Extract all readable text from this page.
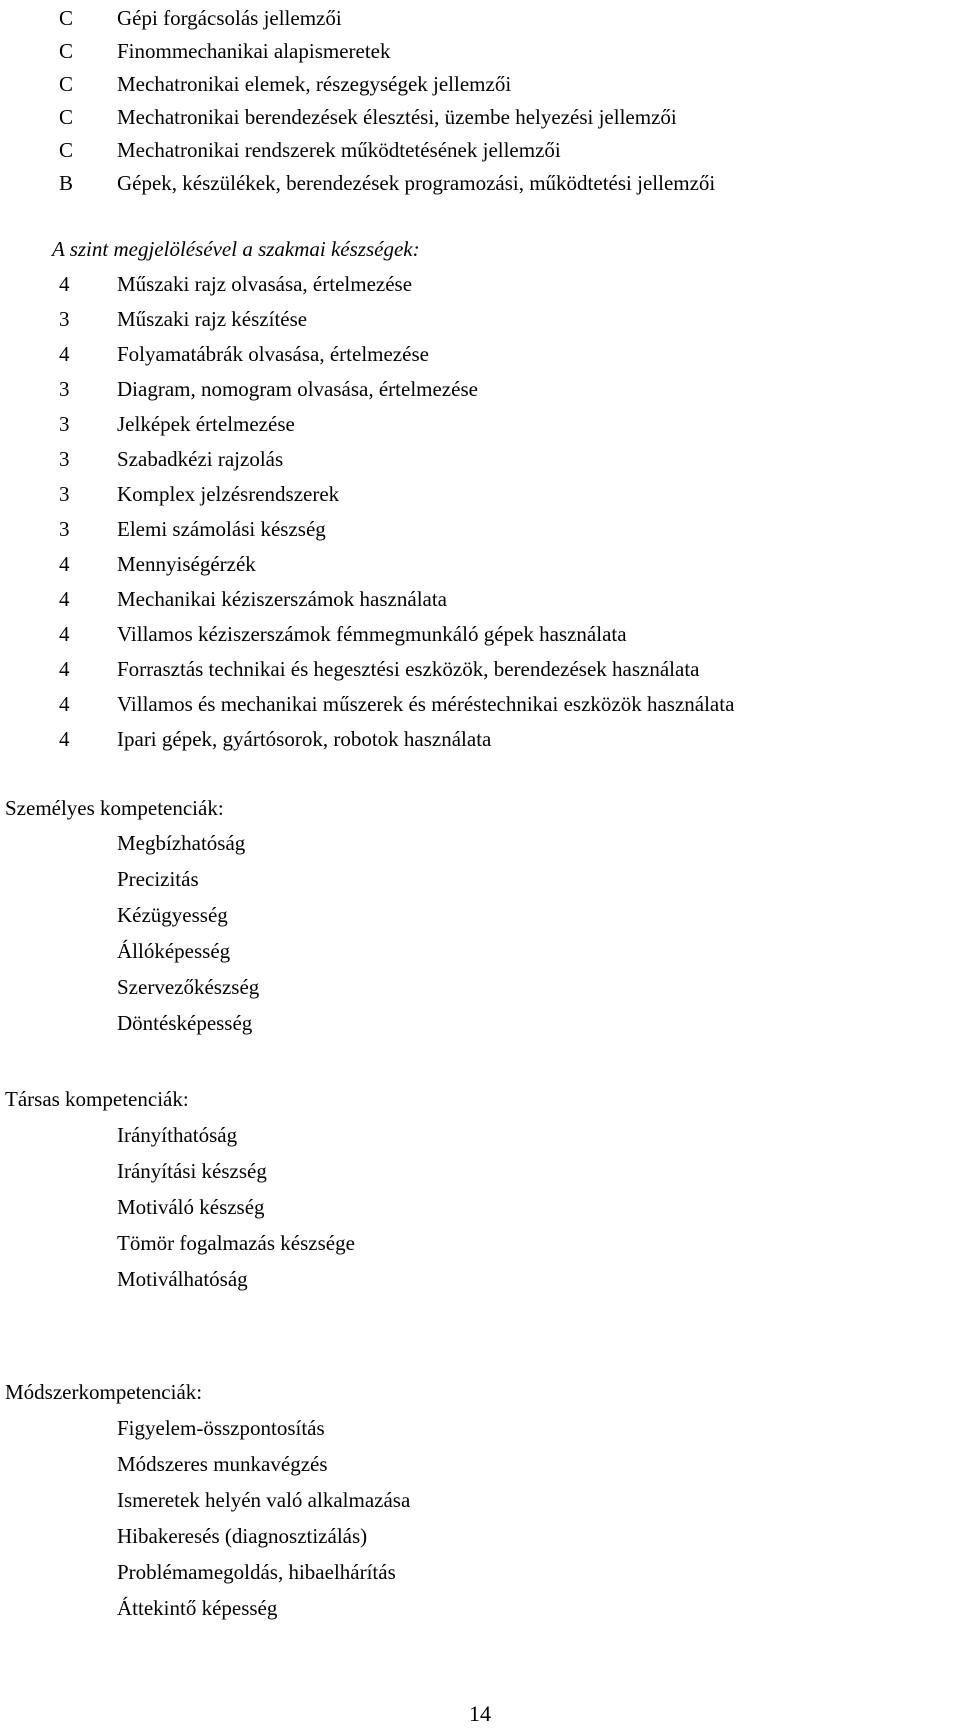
C	Gépi forgácsolás jellemzői
C	Finommechanikai alapismeretek
C	Mechatronikai elemek, részegységek jellemzői
C	Mechatronikai berendezések élesztési, üzembe helyezési jellemzői
C	Mechatronikai rendszerek működtetésének jellemzői
B	Gépek, készülékek, berendezések programozási, működtetési jellemzői
A szint megjelölésével a szakmai készségek:
4	Műszaki rajz olvasása, értelmezése
3	Műszaki rajz készítése
4	Folyamatábrák olvasása, értelmezése
3	Diagram, nomogram olvasása, értelmezése
3	Jelképek értelmezése
3	Szabadkézi rajzolás
3	Komplex jelzésrendszerek
3	Elemi számolási készség
4	Mennyiségérzék
4	Mechanikai kéziszerszámok használata
4	Villamos kéziszerszámok fémmegmunkáló gépek használata
4	Forrasztás technikai és hegesztési eszközök, berendezések használata
4	Villamos és mechanikai műszerek és méréstechnikai eszközök használata
4	Ipari gépek, gyártósorok, robotok használata
Személyes kompetenciák:
Megbízhatóság
Precizitás
Kézügyesség
Állóképesség
Szervezőkészség
Döntésképesség
Társas kompetenciák:
Irányíthatóság
Irányítási készség
Motiváló készség
Tömör fogalmazás készsége
Motiválhatóság
Módszerkompetenciák:
Figyelem-összpontosítás
Módszeres munkavégzés
Ismeretek helyén való alkalmazása
Hibakeresés (diagnosztizálás)
Problémamegoldás, hibaelhárítás
Áttekintő képesség
14
